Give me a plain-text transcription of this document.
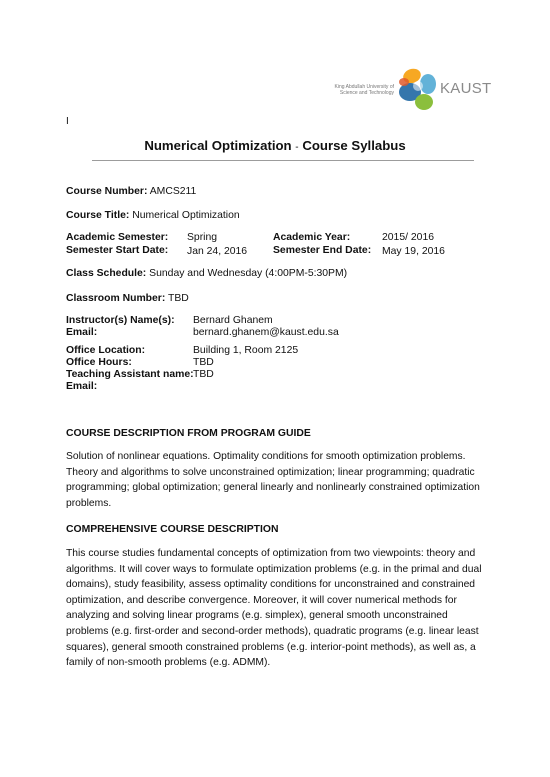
King Abdullah University of
Science and Technology	KAUST
I
Numerical Optimization - Course Syllabus
Course Number: AMCS211
Course Title: Numerical Optimization
Academic Semester: Spring	Academic Year:	2015/ 2016
Semester Start Date: Jan 24, 2016 Semester End Date: May 19, 2016
Class Schedule: Sunday and Wednesday (4:00PM-5:30PM)
Classroom Number: TBD
Instructor(s) Name(s): Bernard Ghanem
Email:	bernard.ghanem@kaust.edu.sa
Office Location:	Building 1, Room 2125
Office Hours:	TBD
Teaching Assistant name: TBD
Email:
COURSE DESCRIPTION FROM PROGRAM GUIDE
Solution of nonlinear equations. Optimality conditions for smooth optimization problems.
Theory and algorithms to solve unconstrained optimization; linear programming; quadratic
programming; global optimization; general linearly and nonlinearly constrained optimization
problems.
COMPREHENSIVE COURSE DESCRIPTION
This course studies fundamental concepts of optimization from two viewpoints: theory and
algorithms. It will cover ways to formulate optimization problems (e.g. in the primal and dual
domains), study feasibility, assess optimality conditions for unconstrained and constrained
optimization, and describe convergence. Moreover, it will cover numerical methods for
analyzing and solving linear programs (e.g. simplex), general smooth unconstrained
problems (e.g. first-order and second-order methods), quadratic programs (e.g. linear least
squares), general smooth constrained problems (e.g. interior-point methods), as well as, a
family of non-smooth problems (e.g. ADMM).
